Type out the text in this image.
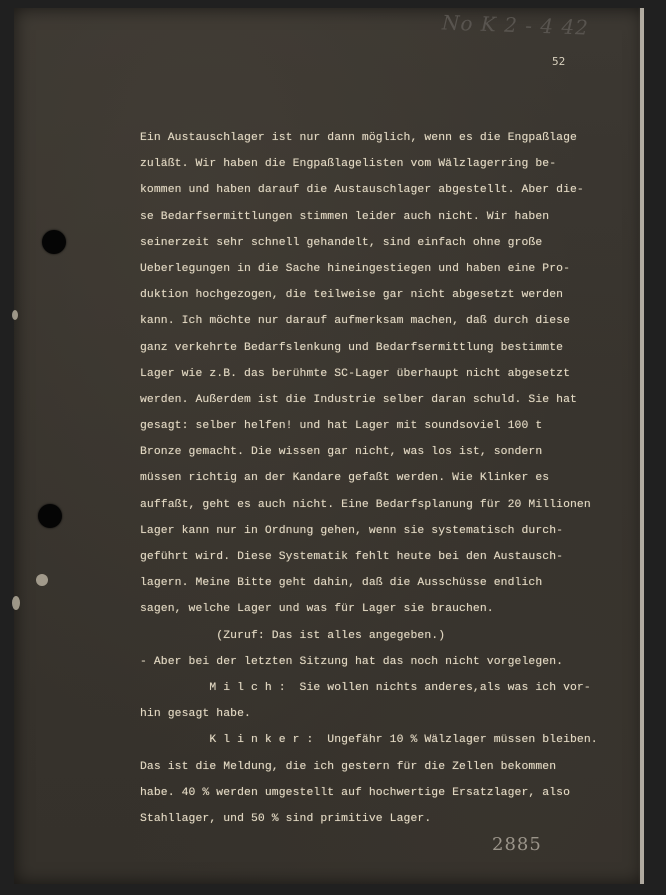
No K 2 - 4 42
52
Ein Austauschlager ist nur dann möglich, wenn es die Engpaßlage
zuläßt. Wir haben die Engpaßlagelisten vom Wälzlagerring be-
kommen und haben darauf die Austauschlager abgestellt. Aber die-
se Bedarfsermittlungen stimmen leider auch nicht. Wir haben
seinerzeit sehr schnell gehandelt, sind einfach ohne große
Ueberlegungen in die Sache hineingestiegen und haben eine Pro-
duktion hochgezogen, die teilweise gar nicht abgesetzt werden
kann. Ich möchte nur darauf aufmerksam machen, daß durch diese
ganz verkehrte Bedarfslenkung und Bedarfsermittlung bestimmte
Lager wie z.B. das berühmte SC-Lager überhaupt nicht abgesetzt
werden. Außerdem ist die Industrie selber daran schuld. Sie hat
gesagt: selber helfen! und hat Lager mit soundsoviel 100 t
Bronze gemacht. Die wissen gar nicht, was los ist, sondern
müssen richtig an der Kandare gefaßt werden. Wie Klinker es
auffaßt, geht es auch nicht. Eine Bedarfsplanung für 20 Millionen
Lager kann nur in Ordnung gehen, wenn sie systematisch durch-
geführt wird. Diese Systematik fehlt heute bei den Austausch-
lagern. Meine Bitte geht dahin, daß die Ausschüsse endlich
sagen, welche Lager und was für Lager sie brauchen.
(Zuruf: Das ist alles angegeben.)
- Aber bei der letzten Sitzung hat das noch nicht vorgelegen.
M i l c h :  Sie wollen nichts anderes,als was ich vor-
hin gesagt habe.
K l i n k e r :  Ungefähr 10 % Wälzlager müssen bleiben.
Das ist die Meldung, die ich gestern für die Zellen bekommen
habe. 40 % werden umgestellt auf hochwertige Ersatzlager, also
Stahllager, und 50 % sind primitive Lager.
2885
